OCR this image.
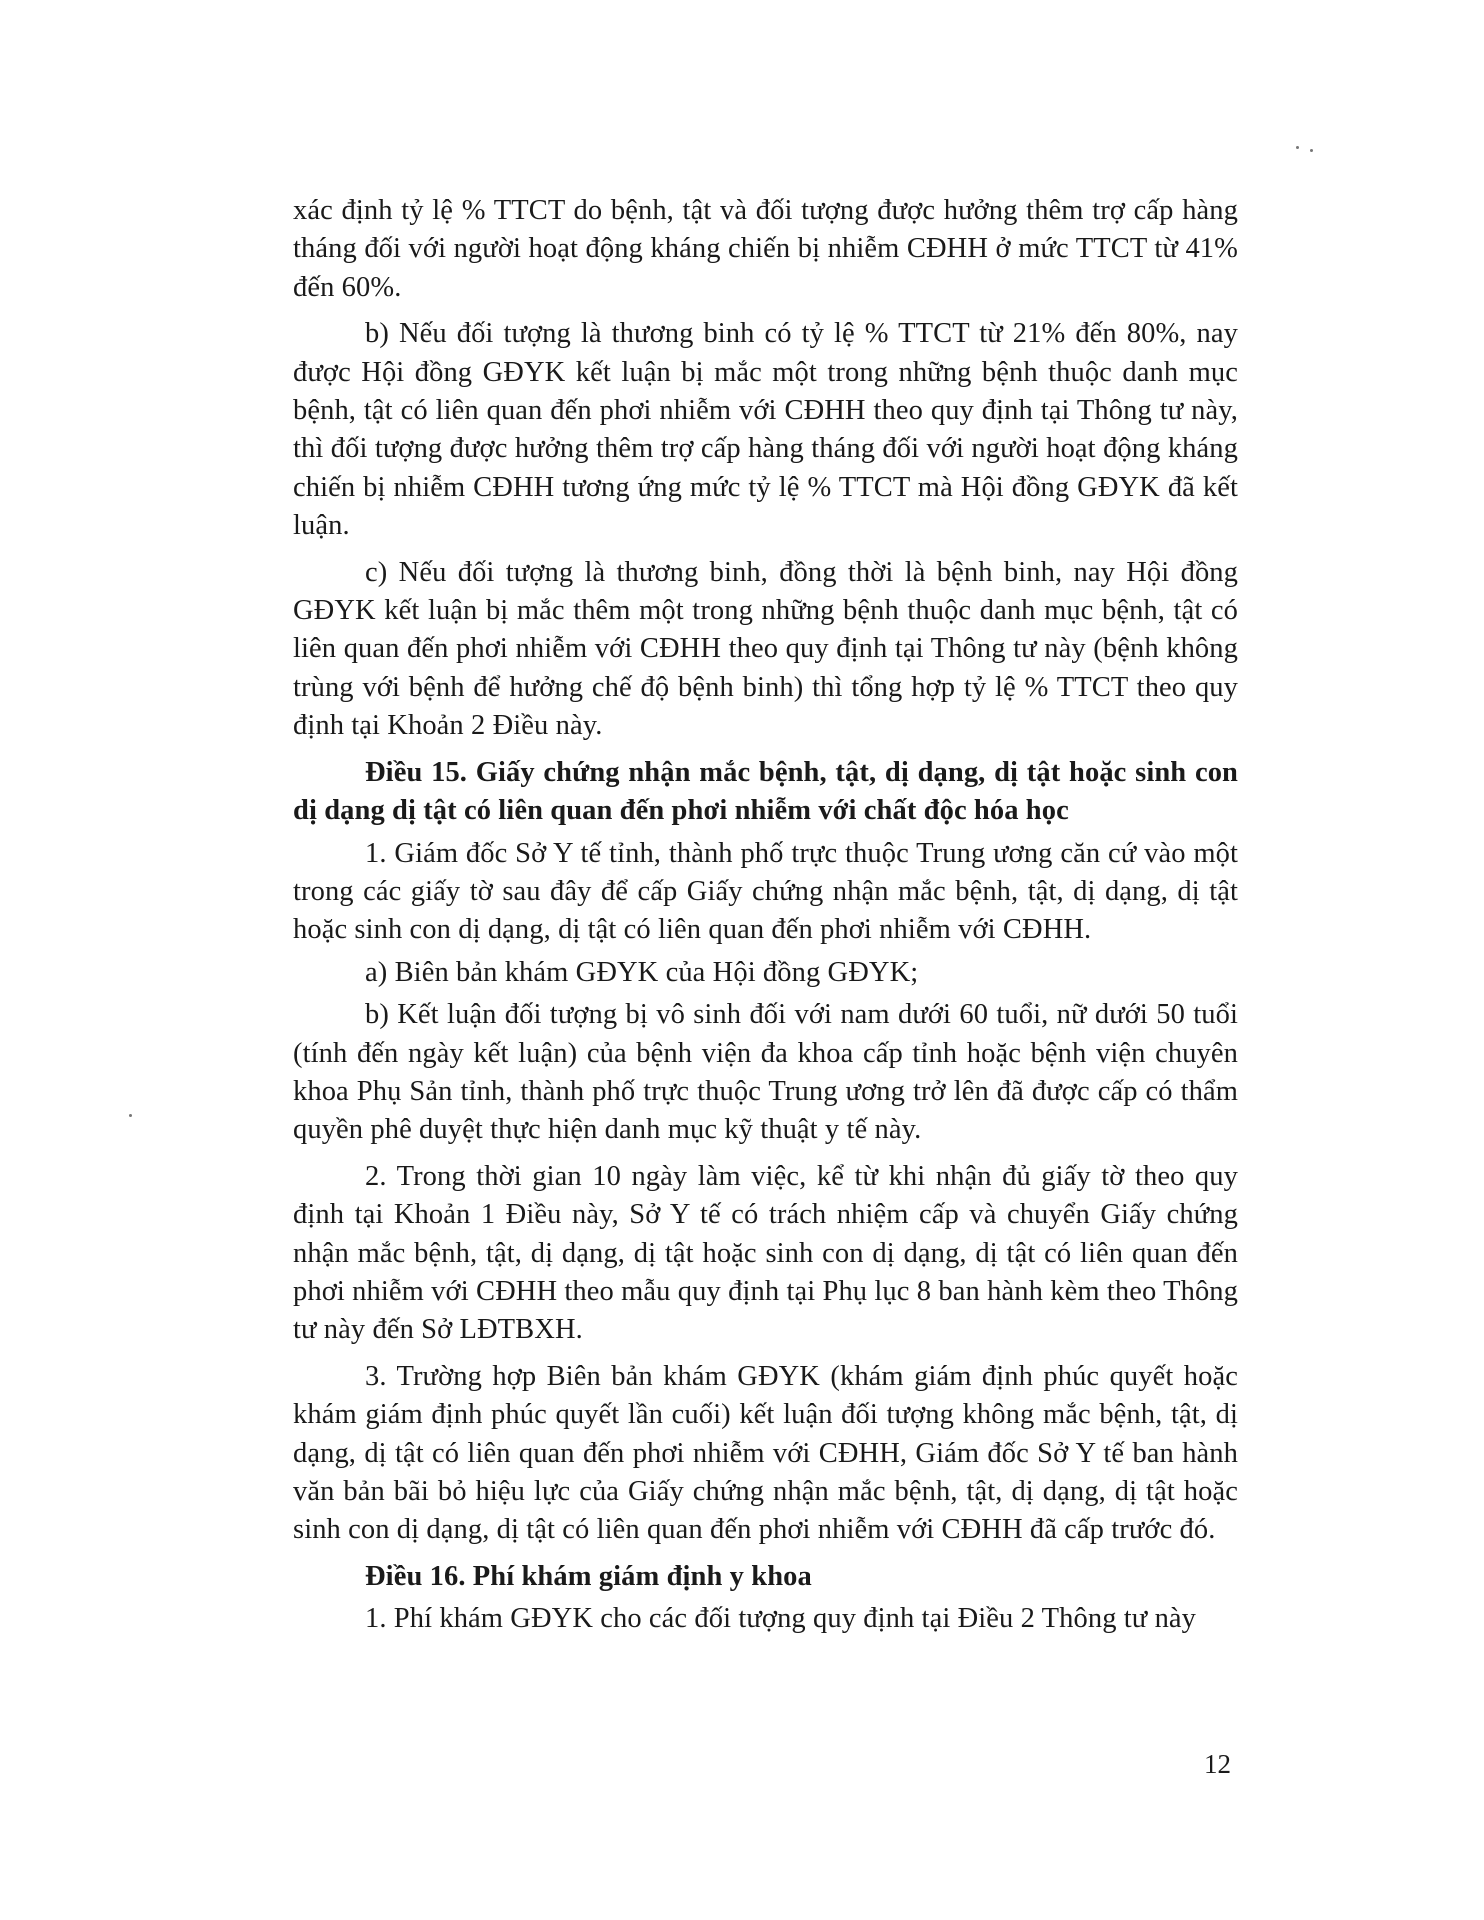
xác định tỷ lệ % TTCT do bệnh, tật và đối tượng được hưởng thêm trợ cấp hàng tháng đối với người hoạt động kháng chiến bị nhiễm CĐHH ở mức TTCT từ 41% đến 60%.

b) Nếu đối tượng là thương binh có tỷ lệ % TTCT từ 21% đến 80%, nay được Hội đồng GĐYK kết luận bị mắc một trong những bệnh thuộc danh mục bệnh, tật có liên quan đến phơi nhiễm với CĐHH theo quy định tại Thông tư này, thì đối tượng được hưởng thêm trợ cấp hàng tháng đối với người hoạt động kháng chiến bị nhiễm CĐHH tương ứng mức tỷ lệ % TTCT mà Hội đồng GĐYK đã kết luận.

c) Nếu đối tượng là thương binh, đồng thời là bệnh binh, nay Hội đồng GĐYK kết luận bị mắc thêm một trong những bệnh thuộc danh mục bệnh, tật có liên quan đến phơi nhiễm với CĐHH theo quy định tại Thông tư này (bệnh không trùng với bệnh để hưởng chế độ bệnh binh) thì tổng hợp tỷ lệ % TTCT theo quy định tại Khoản 2 Điều này.

Điều 15. Giấy chứng nhận mắc bệnh, tật, dị dạng, dị tật hoặc sinh con dị dạng dị tật có liên quan đến phơi nhiễm với chất độc hóa học

1. Giám đốc Sở Y tế tỉnh, thành phố trực thuộc Trung ương căn cứ vào một trong các giấy tờ sau đây để cấp Giấy chứng nhận mắc bệnh, tật, dị dạng, dị tật hoặc sinh con dị dạng, dị tật có liên quan đến phơi nhiễm với CĐHH.

a) Biên bản khám GĐYK của Hội đồng GĐYK;

b) Kết luận đối tượng bị vô sinh đối với nam dưới 60 tuổi, nữ dưới 50 tuổi (tính đến ngày kết luận) của bệnh viện đa khoa cấp tỉnh hoặc bệnh viện chuyên khoa Phụ Sản tỉnh, thành phố trực thuộc Trung ương trở lên đã được cấp có thẩm quyền phê duyệt thực hiện danh mục kỹ thuật y tế này.

2. Trong thời gian 10 ngày làm việc, kể từ khi nhận đủ giấy tờ theo quy định tại Khoản 1 Điều này, Sở Y tế có trách nhiệm cấp và chuyển Giấy chứng nhận mắc bệnh, tật, dị dạng, dị tật hoặc sinh con dị dạng, dị tật có liên quan đến phơi nhiễm với CĐHH theo mẫu quy định tại Phụ lục 8 ban hành kèm theo Thông tư này đến Sở LĐTBXH.

3. Trường hợp Biên bản khám GĐYK (khám giám định phúc quyết hoặc khám giám định phúc quyết lần cuối) kết luận đối tượng không mắc bệnh, tật, dị dạng, dị tật có liên quan đến phơi nhiễm với CĐHH, Giám đốc Sở Y tế ban hành văn bản bãi bỏ hiệu lực của Giấy chứng nhận mắc bệnh, tật, dị dạng, dị tật hoặc sinh con dị dạng, dị tật có liên quan đến phơi nhiễm với CĐHH đã cấp trước đó.

Điều 16. Phí khám giám định y khoa

1. Phí khám GĐYK cho các đối tượng quy định tại Điều 2 Thông tư này

12
